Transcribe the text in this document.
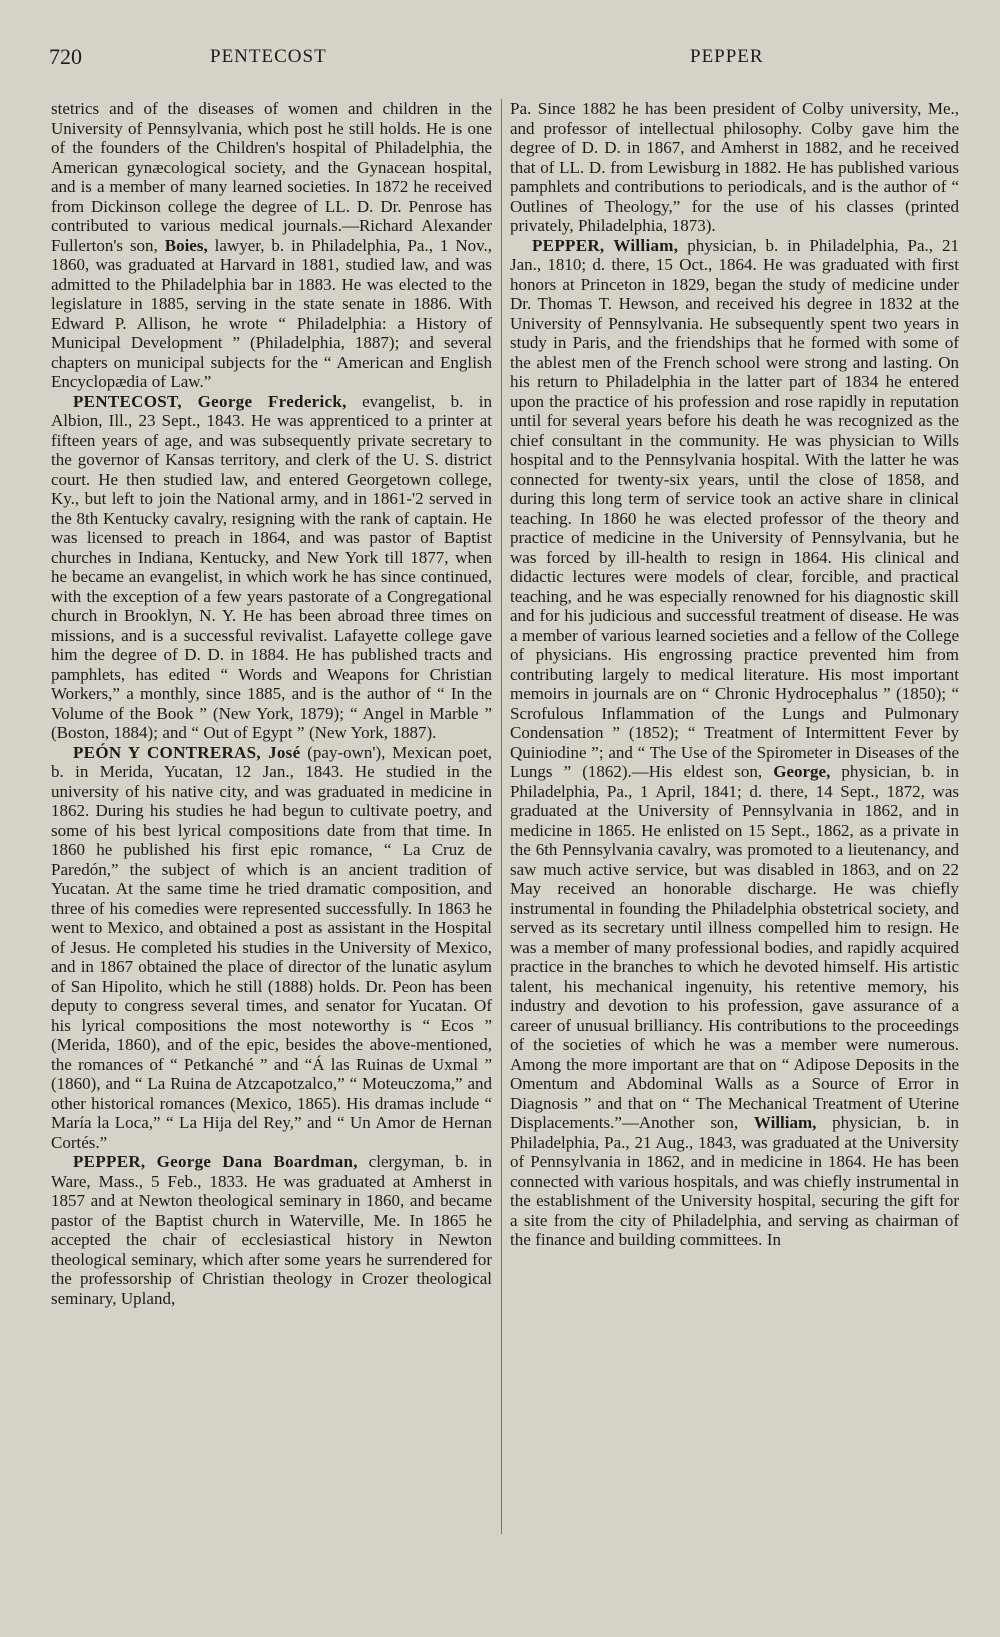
720	PENTECOST	PEPPER

stetrics and of the diseases of women and children in the University of Pennsylvania, which post he still holds. He is one of the founders of the Children's hospital of Philadelphia, the American gynæcological society, and the Gynacean hospital, and is a member of many learned societies. In 1872 he received from Dickinson college the degree of LL. D. Dr. Penrose has contributed to various medical journals.—Richard Alexander Fullerton's son, Boies, lawyer, b. in Philadelphia, Pa., 1 Nov., 1860, was graduated at Harvard in 1881, studied law, and was admitted to the Philadelphia bar in 1883. He was elected to the legislature in 1885, serving in the state senate in 1886. With Edward P. Allison, he wrote “ Philadelphia: a History of Municipal Development ” (Philadelphia, 1887); and several chapters on municipal subjects for the “ American and English Encyclopædia of Law.”

PENTECOST, George Frederick, evangelist, b. in Albion, Ill., 23 Sept., 1843. He was apprenticed to a printer at fifteen years of age, and was subsequently private secretary to the governor of Kansas territory, and clerk of the U. S. district court. He then studied law, and entered Georgetown college, Ky., but left to join the National army, and in 1861-'2 served in the 8th Kentucky cavalry, resigning with the rank of captain. He was licensed to preach in 1864, and was pastor of Baptist churches in Indiana, Kentucky, and New York till 1877, when he became an evangelist, in which work he has since continued, with the exception of a few years pastorate of a Congregational church in Brooklyn, N. Y. He has been abroad three times on missions, and is a successful revivalist. Lafayette college gave him the degree of D. D. in 1884. He has published tracts and pamphlets, has edited “ Words and Weapons for Christian Workers,” a monthly, since 1885, and is the author of “ In the Volume of the Book ” (New York, 1879); “ Angel in Marble ” (Boston, 1884); and “ Out of Egypt ” (New York, 1887).

PEÓN Y CONTRERAS, José (pay-own'), Mexican poet, b. in Merida, Yucatan, 12 Jan., 1843. He studied in the university of his native city, and was graduated in medicine in 1862. During his studies he had begun to cultivate poetry, and some of his best lyrical compositions date from that time. In 1860 he published his first epic romance, “ La Cruz de Paredón,” the subject of which is an ancient tradition of Yucatan. At the same time he tried dramatic composition, and three of his comedies were represented successfully. In 1863 he went to Mexico, and obtained a post as assistant in the Hospital of Jesus. He completed his studies in the University of Mexico, and in 1867 obtained the place of director of the lunatic asylum of San Hipolito, which he still (1888) holds. Dr. Peon has been deputy to congress several times, and senator for Yucatan. Of his lyrical compositions the most noteworthy is “ Ecos ” (Merida, 1860), and of the epic, besides the above-mentioned, the romances of “ Petkanché ” and “Á las Ruinas de Uxmal ” (1860), and “ La Ruina de Atzcapotzalco,” “ Moteuczoma,” and other historical romances (Mexico, 1865). His dramas include “ María la Loca,” “ La Hija del Rey,” and “ Un Amor de Hernan Cortés.”

PEPPER, George Dana Boardman, clergyman, b. in Ware, Mass., 5 Feb., 1833. He was graduated at Amherst in 1857 and at Newton theological seminary in 1860, and became pastor of the Baptist church in Waterville, Me. In 1865 he accepted the chair of ecclesiastical history in Newton theological seminary, which after some years he surrendered for the professorship of Christian theology in Crozer theological seminary, Upland,

Pa. Since 1882 he has been president of Colby university, Me., and professor of intellectual philosophy. Colby gave him the degree of D. D. in 1867, and Amherst in 1882, and he received that of LL. D. from Lewisburg in 1882. He has published various pamphlets and contributions to periodicals, and is the author of “ Outlines of Theology,” for the use of his classes (printed privately, Philadelphia, 1873).

PEPPER, William, physician, b. in Philadelphia, Pa., 21 Jan., 1810; d. there, 15 Oct., 1864. He was graduated with first honors at Princeton in 1829, began the study of medicine under Dr. Thomas T. Hewson, and received his degree in 1832 at the University of Pennsylvania. He subsequently spent two years in study in Paris, and the friendships that he formed with some of the ablest men of the French school were strong and lasting. On his return to Philadelphia in the latter part of 1834 he entered upon the practice of his profession and rose rapidly in reputation until for several years before his death he was recognized as the chief consultant in the community. He was physician to Wills hospital and to the Pennsylvania hospital. With the latter he was connected for twenty-six years, until the close of 1858, and during this long term of service took an active share in clinical teaching. In 1860 he was elected professor of the theory and practice of medicine in the University of Pennsylvania, but he was forced by ill-health to resign in 1864. His clinical and didactic lectures were models of clear, forcible, and practical teaching, and he was especially renowned for his diagnostic skill and for his judicious and successful treatment of disease. He was a member of various learned societies and a fellow of the College of physicians. His engrossing practice prevented him from contributing largely to medical literature. His most important memoirs in journals are on “ Chronic Hydrocephalus ” (1850); “ Scrofulous Inflammation of the Lungs and Pulmonary Condensation ” (1852); “ Treatment of Intermittent Fever by Quiniodine ”; and “ The Use of the Spirometer in Diseases of the Lungs ” (1862).—His eldest son, George, physician, b. in Philadelphia, Pa., 1 April, 1841; d. there, 14 Sept., 1872, was graduated at the University of Pennsylvania in 1862, and in medicine in 1865. He enlisted on 15 Sept., 1862, as a private in the 6th Pennsylvania cavalry, was promoted to a lieutenancy, and saw much active service, but was disabled in 1863, and on 22 May received an honorable discharge. He was chiefly instrumental in founding the Philadelphia obstetrical society, and served as its secretary until illness compelled him to resign. He was a member of many professional bodies, and rapidly acquired practice in the branches to which he devoted himself. His artistic talent, his mechanical ingenuity, his retentive memory, his industry and devotion to his profession, gave assurance of a career of unusual brilliancy. His contributions to the proceedings of the societies of which he was a member were numerous. Among the more important are that on “ Adipose Deposits in the Omentum and Abdominal Walls as a Source of Error in Diagnosis ” and that on “ The Mechanical Treatment of Uterine Displacements.”—Another son, William, physician, b. in Philadelphia, Pa., 21 Aug., 1843, was graduated at the University of Pennsylvania in 1862, and in medicine in 1864. He has been connected with various hospitals, and was chiefly instrumental in the establishment of the University hospital, securing the gift for a site from the city of Philadelphia, and serving as chairman of the finance and building committees. In
